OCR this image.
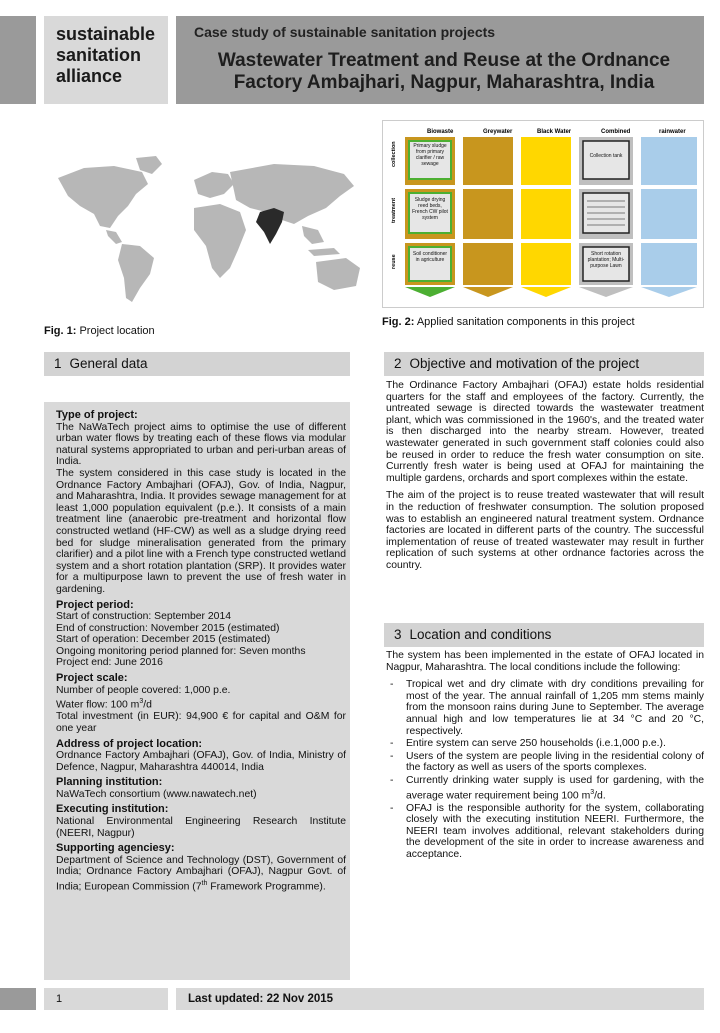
sustainable
sanitation
alliance
Case study of sustainable sanitation projects
Wastewater Treatment and Reuse at the Ordnance Factory Ambajhari, Nagpur, Maharashtra, India
Biowaste	Greywater	Black Water	Combined	rainwater
collection
treatment
reuse
Primary sludge from primary clarifier / raw sewage
Sludge drying reed beds, French CW pilot system
Soil conditioner in agriculture
Collection tank
Short rotation plantation; Multi-purpose Lawn
Fig. 1: Project location
Fig. 2: Applied sanitation components in this project
1 General data	2 Objective and motivation of the project
3 Location and conditions
Type of project:

The NaWaTech project aims to optimise the use of different urban water flows by treating each of these flows via modular natural systems appropriated to urban and peri-urban areas of India.

The system considered in this case study is located in the Ordnance Factory Ambajhari (OFAJ), Gov. of India, Nagpur, and Maharashtra, India. It provides sewage management for at least 1,000 population equivalent (p.e.). It consists of a main treatment line (anaerobic pre-treatment and horizontal flow constructed wetland (HF-CW) as well as a sludge drying reed bed for sludge mineralisation generated from the primary clarifier) and a pilot line with a French type constructed wetland system and a short rotation plantation (SRP). It provides water for a multipurpose lawn to prevent the use of fresh water in gardening.

Project period:

Start of construction: September 2014

End of construction: November 2015 (estimated)

Start of operation: December 2015 (estimated)

Ongoing monitoring period planned for: Seven months

Project end: June 2016

Project scale:

Number of people covered: 1,000 p.e.

Water flow: 100 $m^3/d$

Total investment (in EUR): 94,900 € for capital and O&M for one year

Address of project location:

Ordnance Factory Ambajhari (OFAJ), Gov. of India, Ministry of Defence, Nagpur, Maharashtra 440014, India

Planning institution:

NaWaTech consortium (www.nawatech.net)

Executing institution:

National Environmental Engineering Research Institute (NEERI, Nagpur)

Supporting agenciesy:

Department of Science and Technology (DST), Government of India; Ordnance Factory Ambajhari (OFAJ), Nagpur Govt. of India; European Commission (7th Framework Programme).

The Ordinance Factory Ambajhari (OFAJ) estate holds residential quarters for the staff and employees of the factory. Currently, the untreated sewage is directed towards the wastewater treatment plant, which was commissioned in the 1960's, and the treated water is then discharged into the nearby stream. However, treated wastewater generated in such government staff colonies could also be reused in order to reduce the fresh water consumption on site. Currently fresh water is being used at OFAJ for maintaining the multiple gardens, orchards and sport complexes within the estate.

The aim of the project is to reuse treated wastewater that will result in the reduction of freshwater consumption. The solution proposed was to establish an engineered natural treatment system. Ordnance factories are located in different parts of the country. The successful implementation of reuse of treated wastewater may result in further replication of such systems at other ordnance factories across the country.

The system has been implemented in the estate of OFAJ located in Nagpur, Maharashtra. The local conditions include the following:

- Tropical wet and dry climate with dry conditions prevailing for most of the year. The annual rainfall of 1,205 mm stems mainly from the monsoon rains during June to September. The average annual high and low temperatures lie at 34 °C and 20 °C, respectively.
- Entire system can serve 250 households (i.e.1,000 p.e.).
- Users of the system are people living in the residential colony of the factory as well as users of the sports complexes.
- Currently drinking water supply is used for gardening, with the average water requirement being 100 $m^3/d$.
- OFAJ is the responsible authority for the system, collaborating closely with the executing institution NEERI. Furthermore, the NEERI team involves additional, relevant stakeholders during the development of the site in order to increase awareness and acceptance.
1	Last updated: 22 Nov 2015
